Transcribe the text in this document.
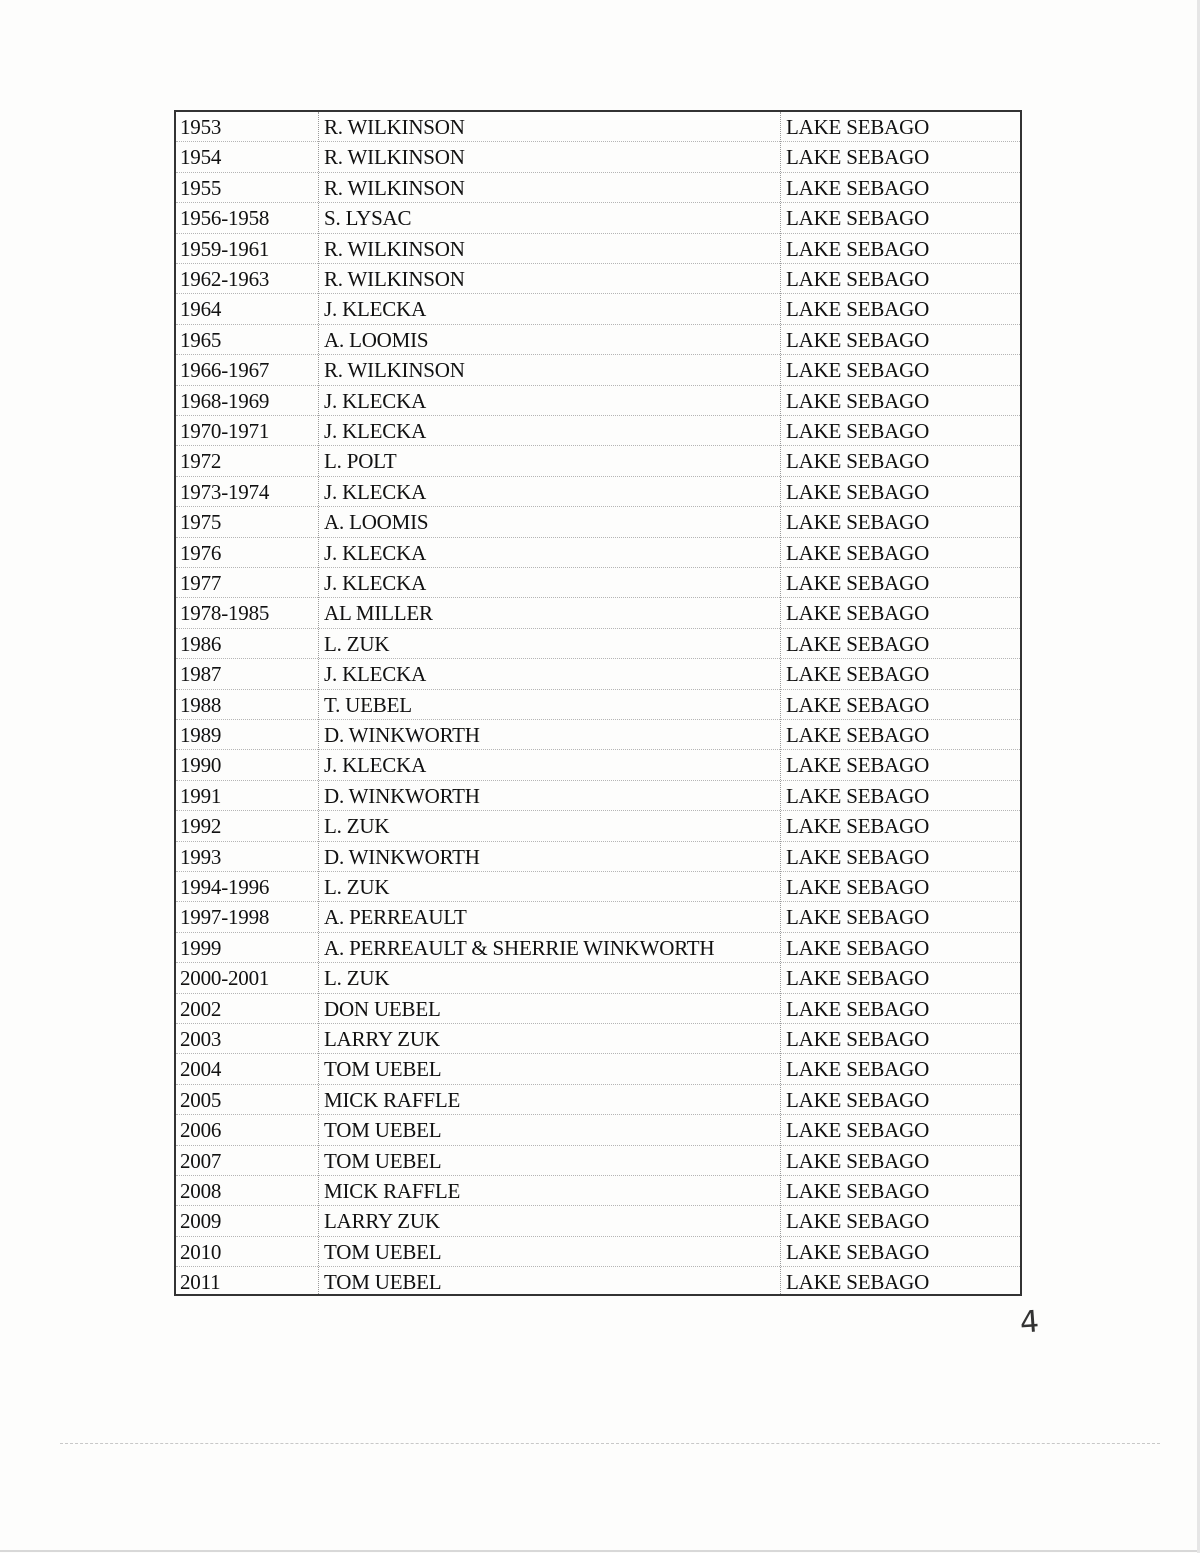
1953	R. WILKINSON	LAKE SEBAGO
1954	R. WILKINSON	LAKE SEBAGO
1955	R. WILKINSON	LAKE SEBAGO
1956-1958	S. LYSAC	LAKE SEBAGO
1959-1961	R. WILKINSON	LAKE SEBAGO
1962-1963	R. WILKINSON	LAKE SEBAGO
1964	J. KLECKA	LAKE SEBAGO
1965	A. LOOMIS	LAKE SEBAGO
1966-1967	R. WILKINSON	LAKE SEBAGO
1968-1969	J. KLECKA	LAKE SEBAGO
1970-1971	J. KLECKA	LAKE SEBAGO
1972	L. POLT	LAKE SEBAGO
1973-1974	J. KLECKA	LAKE SEBAGO
1975	A. LOOMIS	LAKE SEBAGO
1976	J. KLECKA	LAKE SEBAGO
1977	J. KLECKA	LAKE SEBAGO
1978-1985	AL MILLER	LAKE SEBAGO
1986	L. ZUK	LAKE SEBAGO
1987	J. KLECKA	LAKE SEBAGO
1988	T. UEBEL	LAKE SEBAGO
1989	D. WINKWORTH	LAKE SEBAGO
1990	J. KLECKA	LAKE SEBAGO
1991	D. WINKWORTH	LAKE SEBAGO
1992	L. ZUK	LAKE SEBAGO
1993	D. WINKWORTH	LAKE SEBAGO
1994-1996	L. ZUK	LAKE SEBAGO
1997-1998	A. PERREAULT	LAKE SEBAGO
1999	A. PERREAULT & SHERRIE WINKWORTH	LAKE SEBAGO
2000-2001	L. ZUK	LAKE SEBAGO
2002	DON UEBEL	LAKE SEBAGO
2003	LARRY ZUK	LAKE SEBAGO
2004	TOM UEBEL	LAKE SEBAGO
2005	MICK RAFFLE	LAKE SEBAGO
2006	TOM UEBEL	LAKE SEBAGO
2007	TOM UEBEL	LAKE SEBAGO
2008	MICK RAFFLE	LAKE SEBAGO
2009	LARRY ZUK	LAKE SEBAGO
2010	TOM UEBEL	LAKE SEBAGO
2011	TOM UEBEL	LAKE SEBAGO
4
